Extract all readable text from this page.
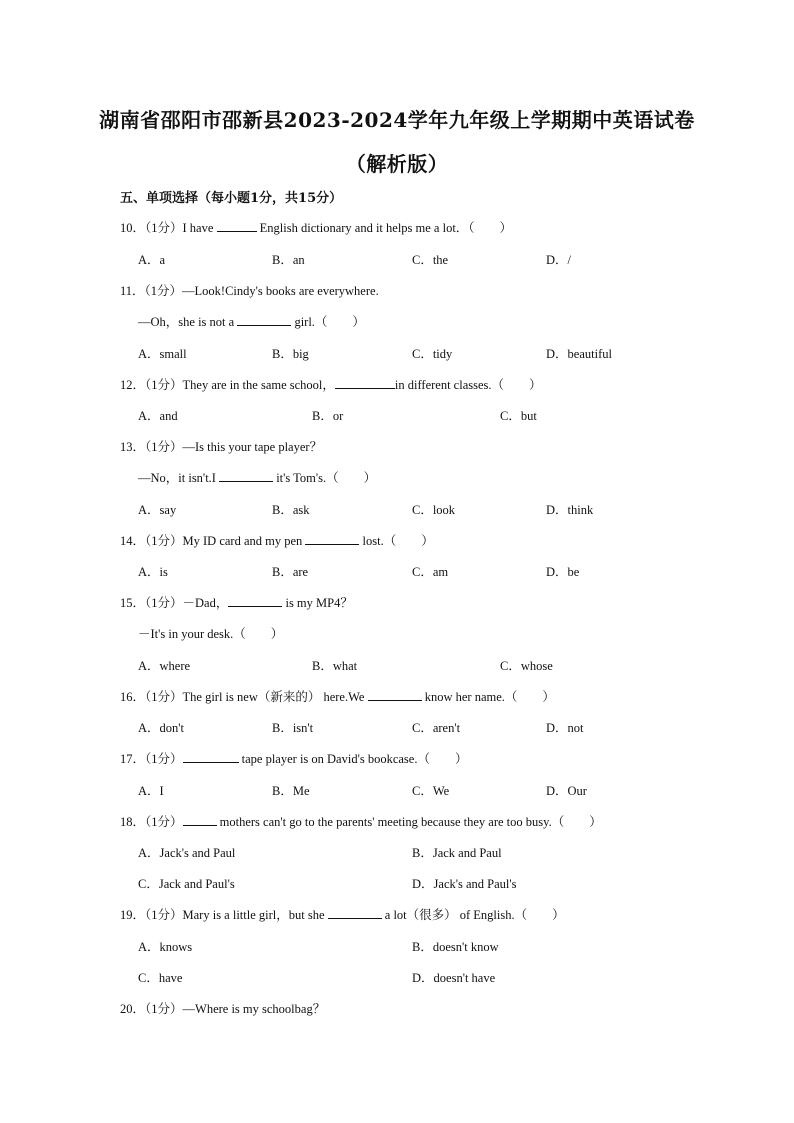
湖南省邵阳市邵新县2023-2024学年九年级上学期期中英语试卷
（解析版）
五、单项选择（每小题1分，共15分）
10．（1分）I have	English dictionary and it helps me a lot．（　　）
A．a	B．an	C．the	D．/
11．（1分）—Look!Cindy's books are everywhere.
—Oh，she is not a	girl.（　　）
A．small	B．big	C．tidy	D．beautiful
12．（1分）They are in the same school，	in different classes.（　　）
A．and	B．or	C．but
13．（1分）—Is this your tape player？
—No，it isn't.I	it's Tom's.（　　）
A．say	B．ask	C．look	D．think
14．（1分）My ID card and my pen	lost.（　　）
A．is	B．are	C．am	D．be
15．（1分）－Dad，	is my MP4？
－It's in your desk.（　　）
A．where	B．what	C．whose
16．（1分）The girl is new（新来的） here.We	know her name.（　　）
A．don't	B．isn't	C．aren't	D．not
17．（1分）	tape player is on David's bookcase.（　　）
A．I	B．Me	C．We	D．Our
18．（1分）	mothers can't go to the parents' meeting because they are too busy.（　　）
A．Jack's and Paul	B．Jack and Paul
C．Jack and Paul's	D．Jack's and Paul's
19．（1分）Mary is a little girl，but she	a lot（很多） of English.（　　）
A．knows	B．doesn't know
C．have	D．doesn't have
20．（1分）—Where is my schoolbag？
